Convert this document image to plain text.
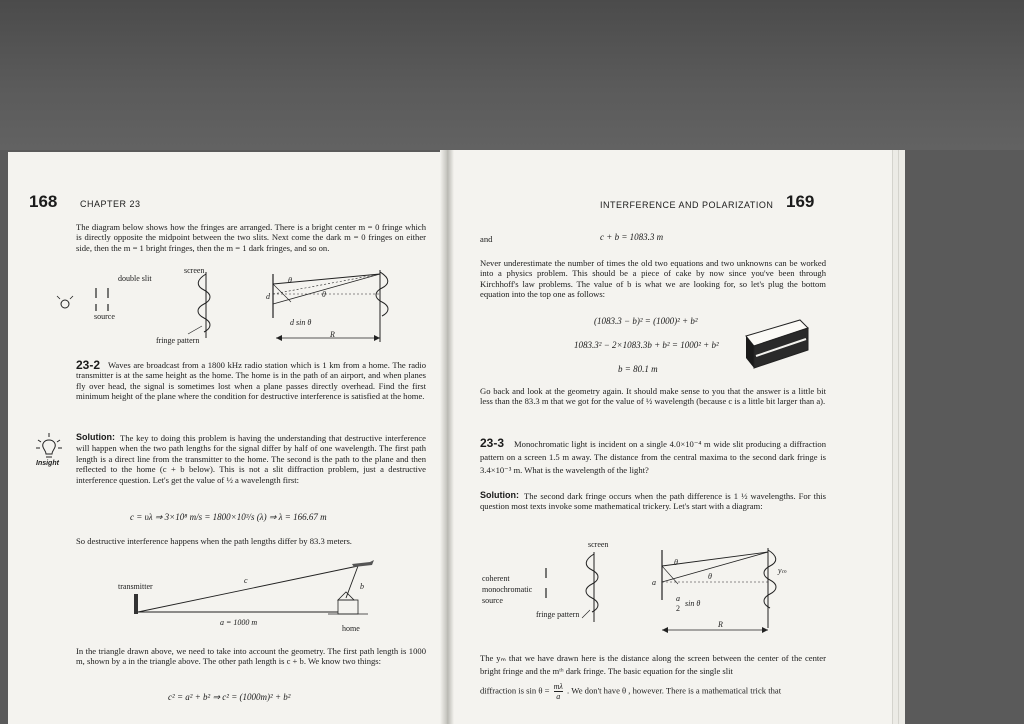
168	CHAPTER 23

The diagram below shows how the fringes are arranged. There is a bright center m = 0 fringe which is directly opposite the midpoint between the two slits. Next come the dark m = 0 fringes on either side, then the m = 1 bright fringes, then the m = 1 dark fringes, and so on.

double slit
screen
source
fringe pattern
θ
θ
d
d sin θ
R
23-2 Waves are broadcast from a 1800 kHz radio station which is 1 km from a home. The radio transmitter is at the same height as the home. The home is in the path of an airport, and when planes fly over head, the signal is sometimes lost when a plane passes directly overhead. Find the first minimum height of the plane where the condition for destructive interference is satisfied at the home.

Insight
Solution: The key to doing this problem is having the understanding that destructive interference will happen when the two path lengths for the signal differ by half of one wavelength. The first path length is a direct line from the transmitter to the home. The second is the path to the plane and then reflected to the home (c + b below). This is not a slit diffraction problem, just a destructive interference question. Let's get the value of ½ a wavelength first:

c = υλ ⇒ 3×10⁸ m/s = 1800×10³/s (λ) ⇒ λ = 166.67 m

So destructive interference happens when the path lengths differ by 83.3 meters.

transmitter
c
b
a = 1000 m
home

In the triangle drawn above, we need to take into account the geometry. The first path length is 1000 m, shown by a in the triangle above. The other path length is c + b. We know two things:

c² = a² + b² ⇒ c² = (1000m)² + b²
INTERFERENCE AND POLARIZATION 169
and	c + b = 1083.3 m

Never underestimate the number of times the old two equations and two unknowns can be worked into a physics problem. This should be a piece of cake by now since you've been through Kirchhoff's law problems. The value of b is what we are looking for, so let's plug the bottom equation into the top one as follows:

(1083.3 − b)² = (1000)² + b²
1083.3² − 2×1083.3b + b² = 1000² + b²
b = 80.1 m

Go back and look at the geometry again. It should make sense to you that the answer is a little bit less than the 83.3 m that we got for the value of ½ wavelength (because c is a little bit larger than a).

23-3	Monochromatic light is incident on a single 4.0×10⁻⁴ m wide slit producing a diffraction pattern on a screen 1.5 m away. The distance from the central maxima to the second dark fringe is 3.4×10⁻³ m. What is the wavelength of the light?

Solution: The second dark fringe occurs when the path difference is 1 ½ wavelengths. For this question most texts invoke some mathematical trickery. Let's start with a diagram:

screen
coherent
monochromatic
source
fringe pattern
θ
θ
a
a
2
sin θ
R
yₘ

The yₘ that we have drawn here is the distance along the screen between the center of the center bright fringe and the mᵗʰ dark fringe. The basic equation for the single slit

diffraction is $\sin \theta = \frac{m\lambda}{a}$ . We don't have θ , however. There is a mathematical trick that
